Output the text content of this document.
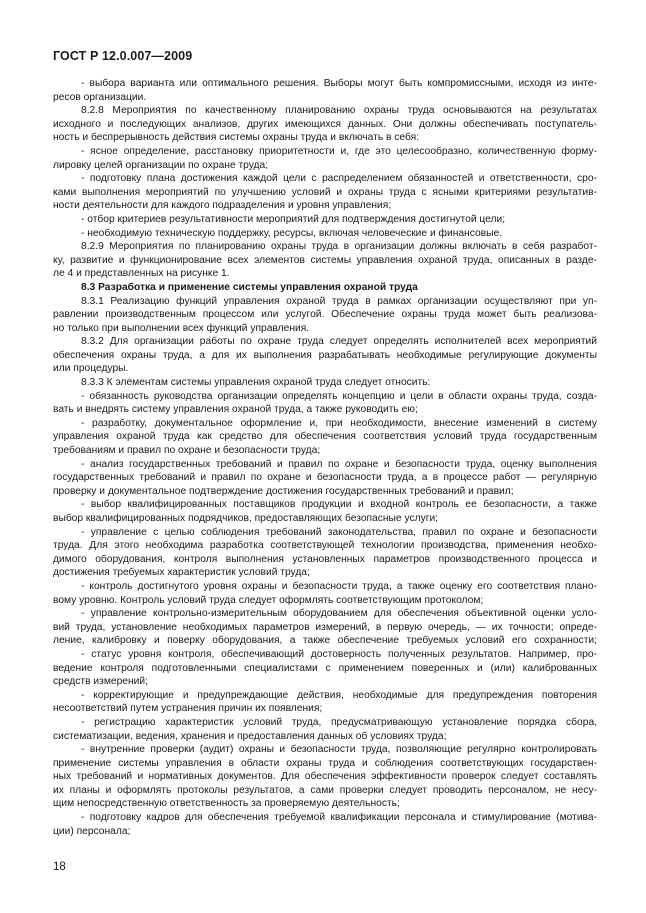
ГОСТ Р 12.0.007—2009
- выбора варианта или оптимального решения. Выборы могут быть компромиссными, исходя из инте-
ресов организации.
8.2.8 Мероприятия по качественному планированию охраны труда основываются на результатах
исходного и последующих анализов, других имеющихся данных. Они должны обеспечивать поступатель-
ность и беспрерывность действия системы охраны труда и включать в себя:
- ясное определение, расстановку приоритетности и, где это целесообразно, количественную форму-
лировку целей организации по охране труда;
- подготовку плана достижения каждой цели с распределением обязанностей и ответственности, сро-
ками выполнения мероприятий по улучшению условий и охраны труда с ясными критериями результатив-
ности деятельности для каждого подразделения и уровня управления;
- отбор критериев результативности мероприятий для подтверждения достигнутой цели;
- необходимую техническую поддержку, ресурсы, включая человеческие и финансовые.
8.2.9 Мероприятия по планированию охраны труда в организации должны включать в себя разработ-
ку, развитие и функционирование всех элементов системы управления охраной труда, описанных в разде-
ле 4 и представленных на рисунке 1.
8.3 Разработка и применение системы управления охраной труда
8.3.1 Реализацию функций управления охраной труда в рамках организации осуществляют при уп-
равлении производственным процессом или услугой. Обеспечение охраны труда может быть реализова-
но только при выполнении всех функций управления.
8.3.2 Для организации работы по охране труда следует определять исполнителей всех мероприятий
обеспечения охраны труда, а для их выполнения разрабатывать необходимые регулирующие документы
или процедуры.
8.3.3 К элементам системы управления охраной труда следует относить:
- обязанность руководства организации определять концепцию и цели в области охраны труда, созда-
вать и внедрять систему управления охраной труда, а также руководить ею;
- разработку, документальное оформление и, при необходимости, внесение изменений в систему
управления охраной труда как средство для обеспечения соответствия условий труда государственным
требованиям и правил по охране и безопасности труда;
- анализ государственных требований и правил по охране и безопасности труда, оценку выполнения
государственных требований и правил по охране и безопасности труда, а в процессе работ — регулярную
проверку и документальное подтверждение достижения государственных требований и правил;
- выбор квалифицированных поставщиков продукции и входной контроль ее безопасности, а также
выбор квалифицированных подрядчиков, предоставляющих безопасные услуги;
- управление с целью соблюдения требований законодательства, правил по охране и безопасности
труда. Для этого необходима разработка соответствующей технологии производства, применения необхо-
димого оборудования, контроля выполнения установленных параметров производственного процесса и
достижения требуемых характеристик условий труда;
- контроль достигнутого уровня охраны и безопасности труда, а также оценку его соответствия плано-
вому уровню. Контроль условий труда следует оформлять соответствующим протоколом;
- управление контрольно-измерительным оборудованием для обеспечения объективной оценки усло-
вий труда, установление необходимых параметров измерений, в первую очередь, — их точности; опреде-
ление, калибровку и поверку оборудования, а также обеспечение требуемых условий его сохранности;
- статус уровня контроля, обеспечивающий достоверность полученных результатов. Например, про-
ведение контроля подготовленными специалистами с применением поверенных и (или) калиброванных
средств измерений;
- корректирующие и предупреждающие действия, необходимые для предупреждения повторения
несоответствий путем устранения причин их появления;
- регистрацию характеристик условий труда, предусматривающую установление порядка сбора,
систематизации, ведения, хранения и предоставления данных об условиях труда;
- внутренние проверки (аудит) охраны и безопасности труда, позволяющие регулярно контролировать
применение системы управления в области охраны труда и соблюдения соответствующих государствен-
ных требований и нормативных документов. Для обеспечения эффективности проверок следует составлять
их планы и оформлять протоколы результатов, а сами проверки следует проводить персоналом, не несу-
щим непосредственную ответственность за проверяемую деятельность;
- подготовку кадров для обеспечения требуемой квалификации персонала и стимулирование (мотива-
ции) персонала;
18
